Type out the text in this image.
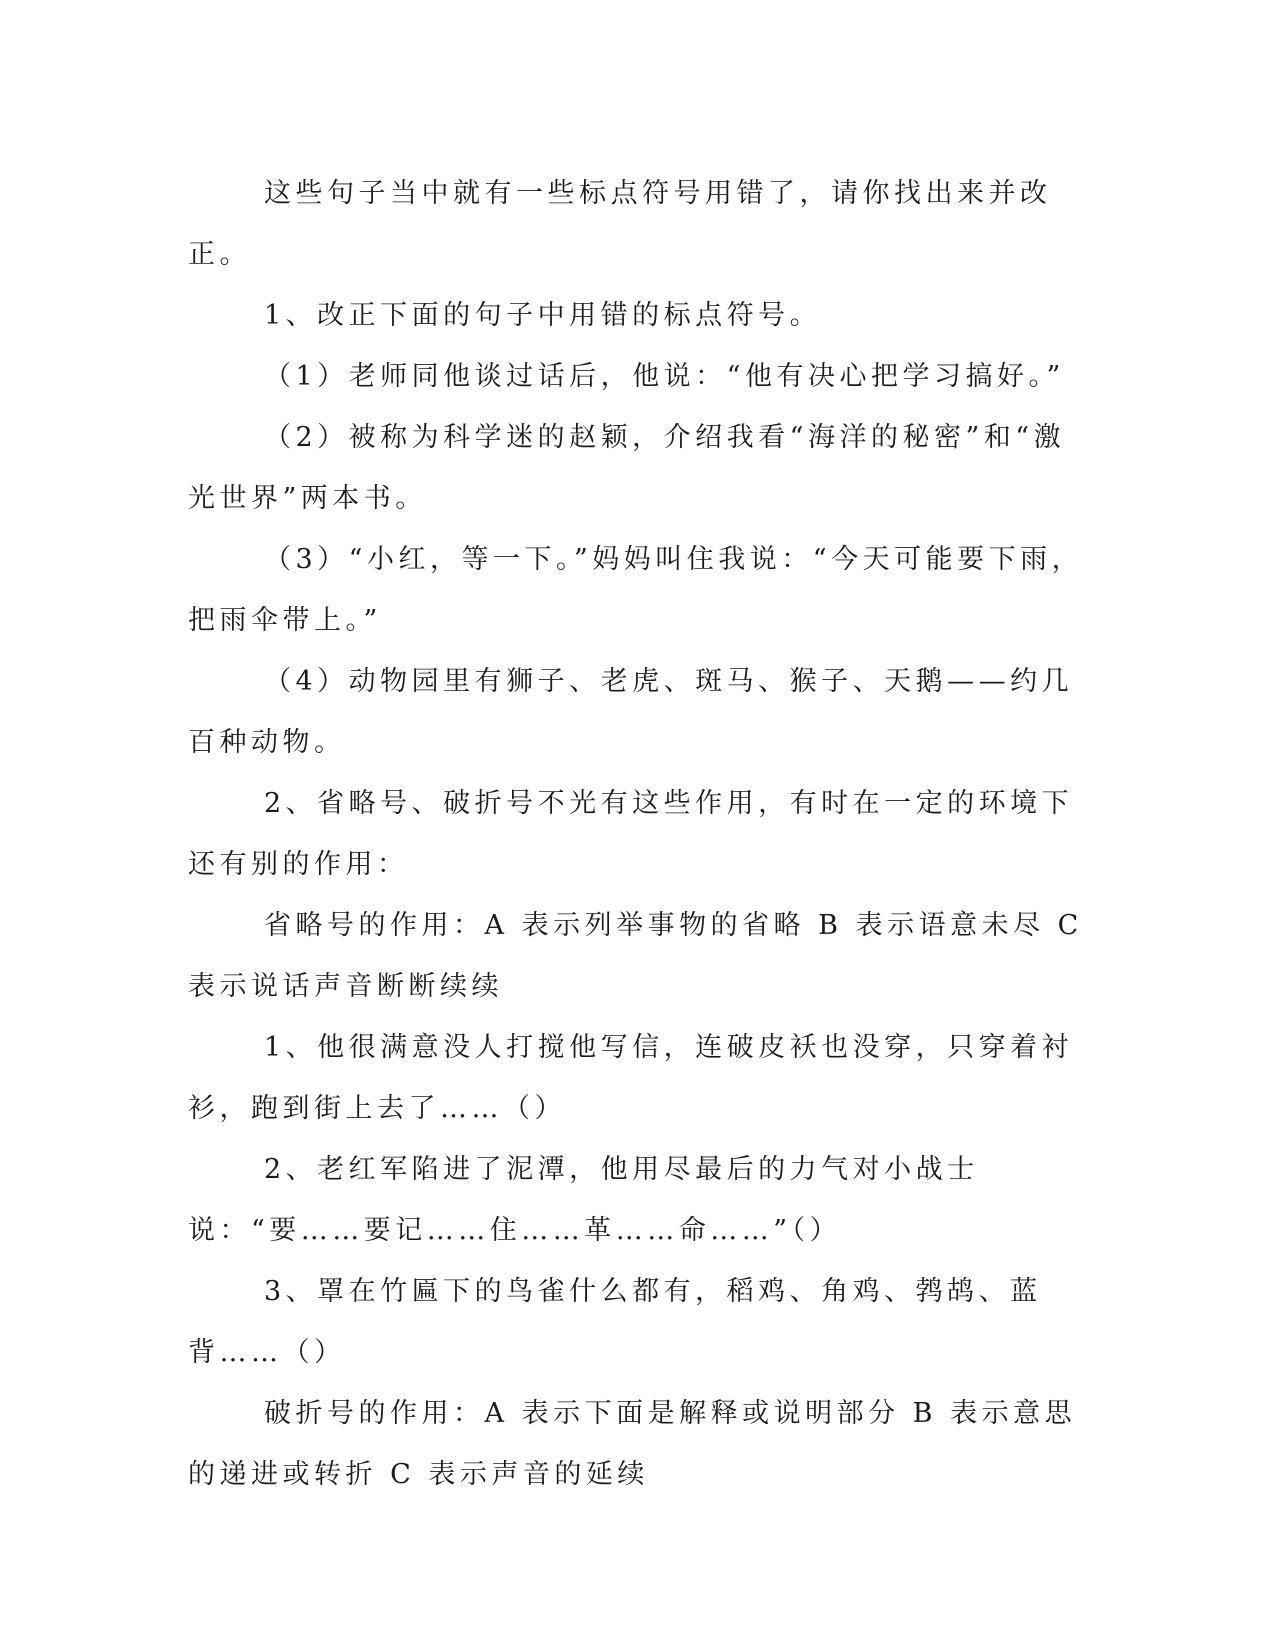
这些句子当中就有一些标点符号用错了，请你找出来并改正。

1、改正下面的句子中用错的标点符号。

（1）老师同他谈过话后，他说：“他有决心把学习搞好。”

（2）被称为科学迷的赵颖，介绍我看“海洋的秘密”和“激光世界”两本书。

（3）“小红，等一下。”妈妈叫住我说：“今天可能要下雨，把雨伞带上。”

（4）动物园里有狮子、老虎、斑马、猴子、天鹅——约几百种动物。

2、省略号、破折号不光有这些作用，有时在一定的环境下还有别的作用：

省略号的作用：A 表示列举事物的省略 B 表示语意未尽 C 表示说话声音断断续续

1、他很满意没人打搅他写信，连破皮袄也没穿，只穿着衬衫，跑到街上去了……（）

2、老红军陷进了泥潭，他用尽最后的力气对小战士说：“要……要记……住……革……命……”（）

3、罩在竹匾下的鸟雀什么都有，稻鸡、角鸡、鹁鸪、蓝背……（）

破折号的作用：A 表示下面是解释或说明部分 B 表示意思的递进或转折 C 表示声音的延续
